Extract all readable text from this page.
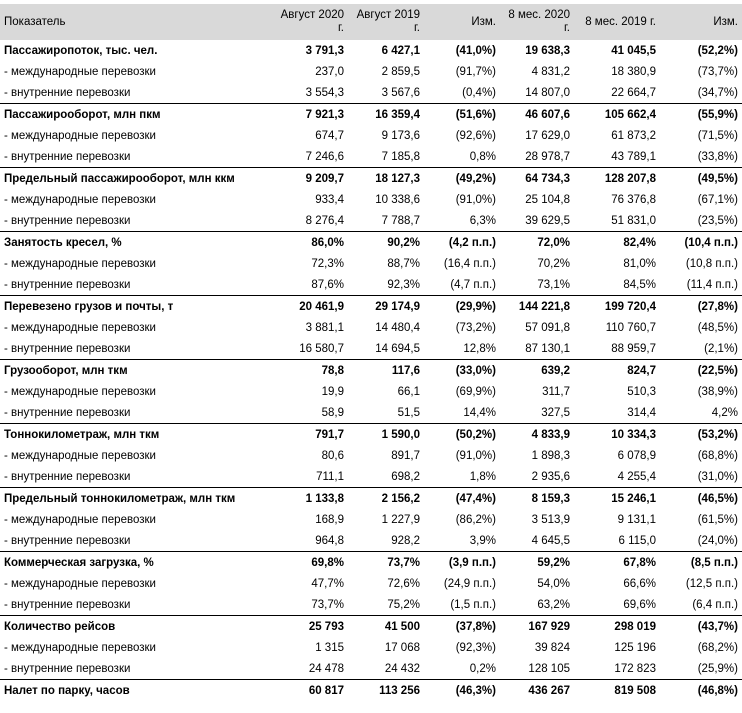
Показатель	Август 2020 г.	Август 2019 г.	Изм.	8 мес. 2020 г.	8 мес. 2019 г.	Изм.
Пассажиропоток, тыс. чел.	3 791,3	6 427,1	(41,0%)	19 638,3	41 045,5	(52,2%)
- международные перевозки	237,0	2 859,5	(91,7%)	4 831,2	18 380,9	(73,7%)
- внутренние перевозки	3 554,3	3 567,6	(0,4%)	14 807,0	22 664,7	(34,7%)
Пассажирооборот, млн пкм	7 921,3	16 359,4	(51,6%)	46 607,6	105 662,4	(55,9%)
- международные перевозки	674,7	9 173,6	(92,6%)	17 629,0	61 873,2	(71,5%)
- внутренние перевозки	7 246,6	7 185,8	0,8%	28 978,7	43 789,1	(33,8%)
Предельный пассажирооборот, млн ккм	9 209,7	18 127,3	(49,2%)	64 734,3	128 207,8	(49,5%)
- международные перевозки	933,4	10 338,6	(91,0%)	25 104,8	76 376,8	(67,1%)
- внутренние перевозки	8 276,4	7 788,7	6,3%	39 629,5	51 831,0	(23,5%)
Занятость кресел, %	86,0%	90,2%	(4,2 п.п.)	72,0%	82,4%	(10,4 п.п.)
- международные перевозки	72,3%	88,7%	(16,4 п.п.)	70,2%	81,0%	(10,8 п.п.)
- внутренние перевозки	87,6%	92,3%	(4,7 п.п.)	73,1%	84,5%	(11,4 п.п.)
Перевезено грузов и почты, т	20 461,9	29 174,9	(29,9%)	144 221,8	199 720,4	(27,8%)
- международные перевозки	3 881,1	14 480,4	(73,2%)	57 091,8	110 760,7	(48,5%)
- внутренние перевозки	16 580,7	14 694,5	12,8%	87 130,1	88 959,7	(2,1%)
Грузооборот, млн ткм	78,8	117,6	(33,0%)	639,2	824,7	(22,5%)
- международные перевозки	19,9	66,1	(69,9%)	311,7	510,3	(38,9%)
- внутренние перевозки	58,9	51,5	14,4%	327,5	314,4	4,2%
Тоннокилометраж, млн ткм	791,7	1 590,0	(50,2%)	4 833,9	10 334,3	(53,2%)
- международные перевозки	80,6	891,7	(91,0%)	1 898,3	6 078,9	(68,8%)
- внутренние перевозки	711,1	698,2	1,8%	2 935,6	4 255,4	(31,0%)
Предельный тоннокилометраж, млн ткм	1 133,8	2 156,2	(47,4%)	8 159,3	15 246,1	(46,5%)
- международные перевозки	168,9	1 227,9	(86,2%)	3 513,9	9 131,1	(61,5%)
- внутренние перевозки	964,8	928,2	3,9%	4 645,5	6 115,0	(24,0%)
Коммерческая загрузка, %	69,8%	73,7%	(3,9 п.п.)	59,2%	67,8%	(8,5 п.п.)
- международные перевозки	47,7%	72,6%	(24,9 п.п.)	54,0%	66,6%	(12,5 п.п.)
- внутренние перевозки	73,7%	75,2%	(1,5 п.п.)	63,2%	69,6%	(6,4 п.п.)
Количество рейсов	25 793	41 500	(37,8%)	167 929	298 019	(43,7%)
- международные перевозки	1 315	17 068	(92,3%)	39 824	125 196	(68,2%)
- внутренние перевозки	24 478	24 432	0,2%	128 105	172 823	(25,9%)
Налет по парку, часов	60 817	113 256	(46,3%)	436 267	819 508	(46,8%)
